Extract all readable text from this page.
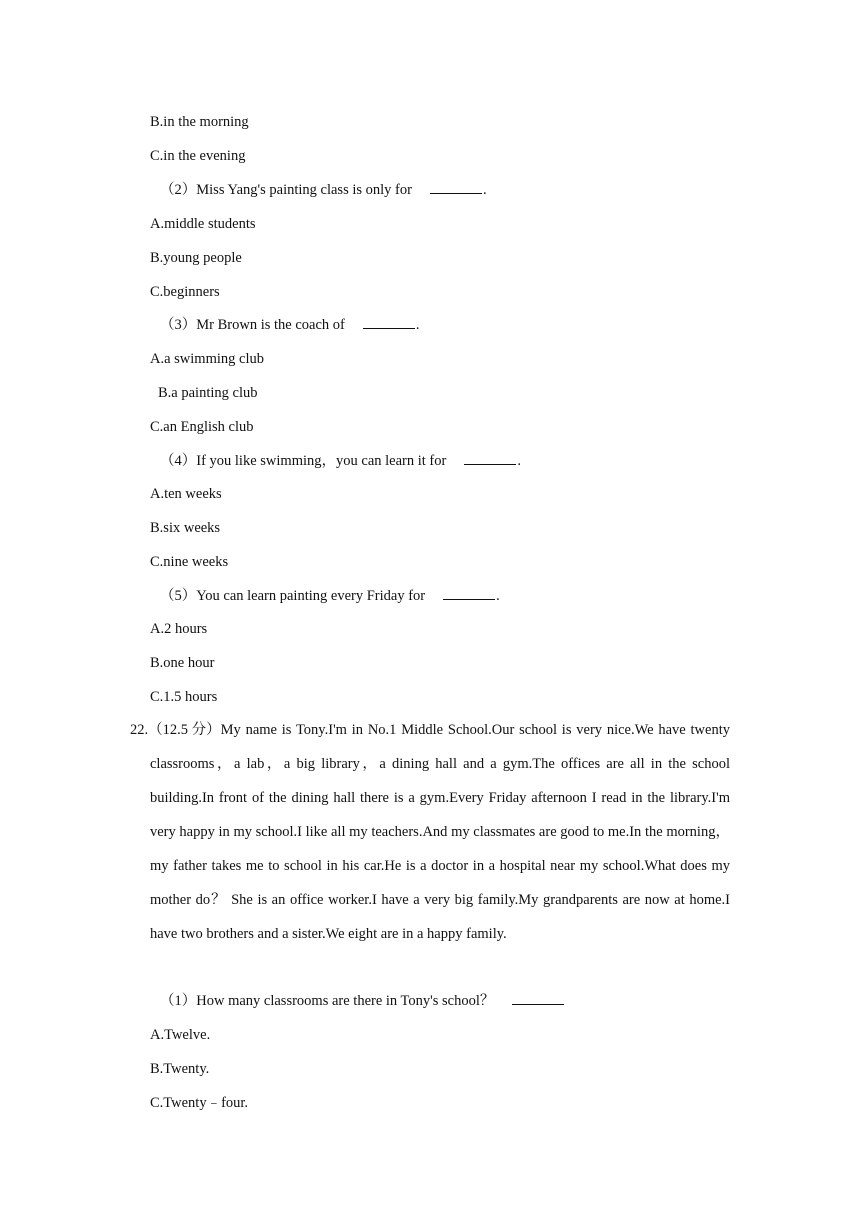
B.in the morning
C.in the evening
（2）Miss Yang's painting class is only for	.
A.middle students
B.young people
C.beginners
（3）Mr Brown is the coach of	.
A.a swimming club
B.a painting club
C.an English club
（4）If you like swimming，you can learn it for	.
A.ten weeks
B.six weeks
C.nine weeks
（5）You can learn painting every Friday for	.
A.2 hours
B.one hour
C.1.5 hours
22.（12.5 分） My name is Tony.I'm in No.1 Middle School.Our school is very nice.We have twenty classrooms，a lab，a big library，a dining hall and a gym.The offices are all in the school building.In front of the dining hall there is a gym.Every Friday afternoon I read in the library.I'm very happy in my school.I like all my teachers.And my classmates are good to me.In the morning，my father takes me to school in his car.He is a doctor in a hospital near my school.What does my mother do？ She is an office worker.I have a very big family.My grandparents are now at home.I have two brothers and a sister.We eight are in a happy family.
（1）How many classrooms are there in Tony's school？
A.Twelve.
B.Twenty.
C.Twenty﹣four.
